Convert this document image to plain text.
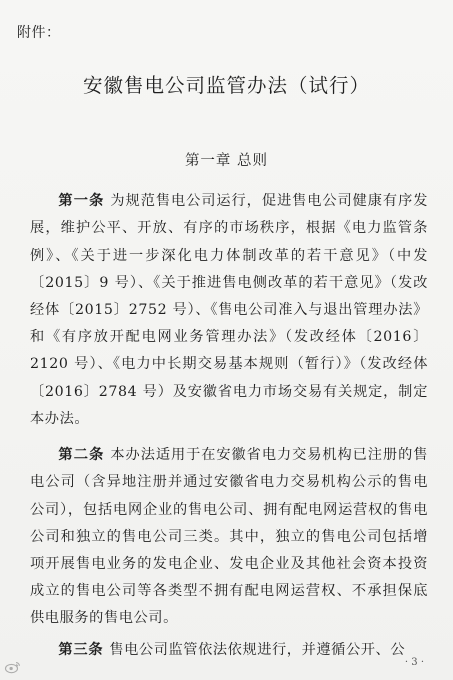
附件：
安徽售电公司监管办法（试行）
第一章 总则

第一条 为规范售电公司运行，促进售电公司健康有序发展，维护公平、开放、有序的市场秩序，根据《电力监管条例》、《关于进一步深化电力体制改革的若干意见》（中发〔2015〕9 号）、《关于推进售电侧改革的若干意见》（发改经体〔2015〕2752 号）、《售电公司准入与退出管理办法》和《有序放开配电网业务管理办法》（发改经体〔2016〕2120 号）、《电力中长期交易基本规则（暂行）》（发改经体〔2016〕2784 号）及安徽省电力市场交易有关规定，制定本办法。

第二条 本办法适用于在安徽省电力交易机构已注册的售电公司（含异地注册并通过安徽省电力交易机构公示的售电公司），包括电网企业的售电公司、拥有配电网运营权的售电公司和独立的售电公司三类。其中，独立的售电公司包括增项开展售电业务的发电企业、发电企业及其他社会资本投资成立的售电公司等各类型不拥有配电网运营权、不承担保底供电服务的售电公司。

第三条 售电公司监管依法依规进行，并遵循公开、公

· 3 ·
